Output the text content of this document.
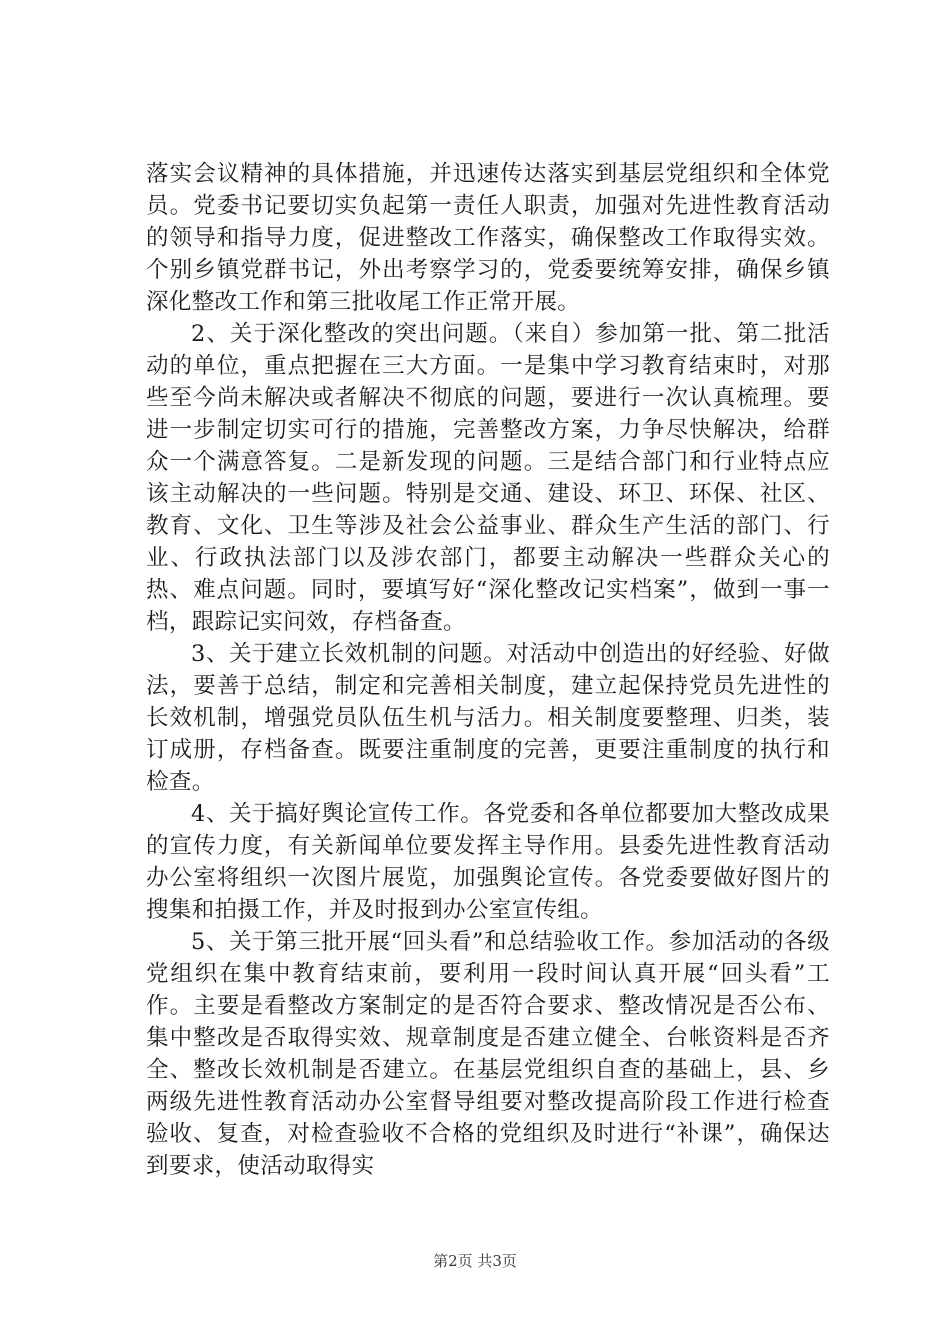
落实会议精神的具体措施，并迅速传达落实到基层党组织和全体党员。党委书记要切实负起第一责任人职责，加强对先进性教育活动的领导和指导力度，促进整改工作落实，确保整改工作取得实效。个别乡镇党群书记，外出考察学习的，党委要统筹安排，确保乡镇深化整改工作和第三批收尾工作正常开展。

2、关于深化整改的突出问题。（来自）参加第一批、第二批活动的单位，重点把握在三大方面。一是集中学习教育结束时，对那些至今尚未解决或者解决不彻底的问题，要进行一次认真梳理。要进一步制定切实可行的措施，完善整改方案，力争尽快解决，给群众一个满意答复。二是新发现的问题。三是结合部门和行业特点应该主动解决的一些问题。特别是交通、建设、环卫、环保、社区、教育、文化、卫生等涉及社会公益事业、群众生产生活的部门、行业、行政执法部门以及涉农部门，都要主动解决一些群众关心的热、难点问题。同时，要填写好“深化整改记实档案”，做到一事一档，跟踪记实问效，存档备查。

3、关于建立长效机制的问题。对活动中创造出的好经验、好做法，要善于总结，制定和完善相关制度，建立起保持党员先进性的长效机制，增强党员队伍生机与活力。相关制度要整理、归类，装订成册，存档备查。既要注重制度的完善，更要注重制度的执行和检查。

4、关于搞好舆论宣传工作。各党委和各单位都要加大整改成果的宣传力度，有关新闻单位要发挥主导作用。县委先进性教育活动办公室将组织一次图片展览，加强舆论宣传。各党委要做好图片的搜集和拍摄工作，并及时报到办公室宣传组。

5、关于第三批开展“回头看”和总结验收工作。参加活动的各级党组织在集中教育结束前，要利用一段时间认真开展“回头看”工作。主要是看整改方案制定的是否符合要求、整改情况是否公布、集中整改是否取得实效、规章制度是否建立健全、台帐资料是否齐全、整改长效机制是否建立。在基层党组织自查的基础上，县、乡两级先进性教育活动办公室督导组要对整改提高阶段工作进行检查验收、复查，对检查验收不合格的党组织及时进行“补课”，确保达到要求，使活动取得实

第2页 共3页
